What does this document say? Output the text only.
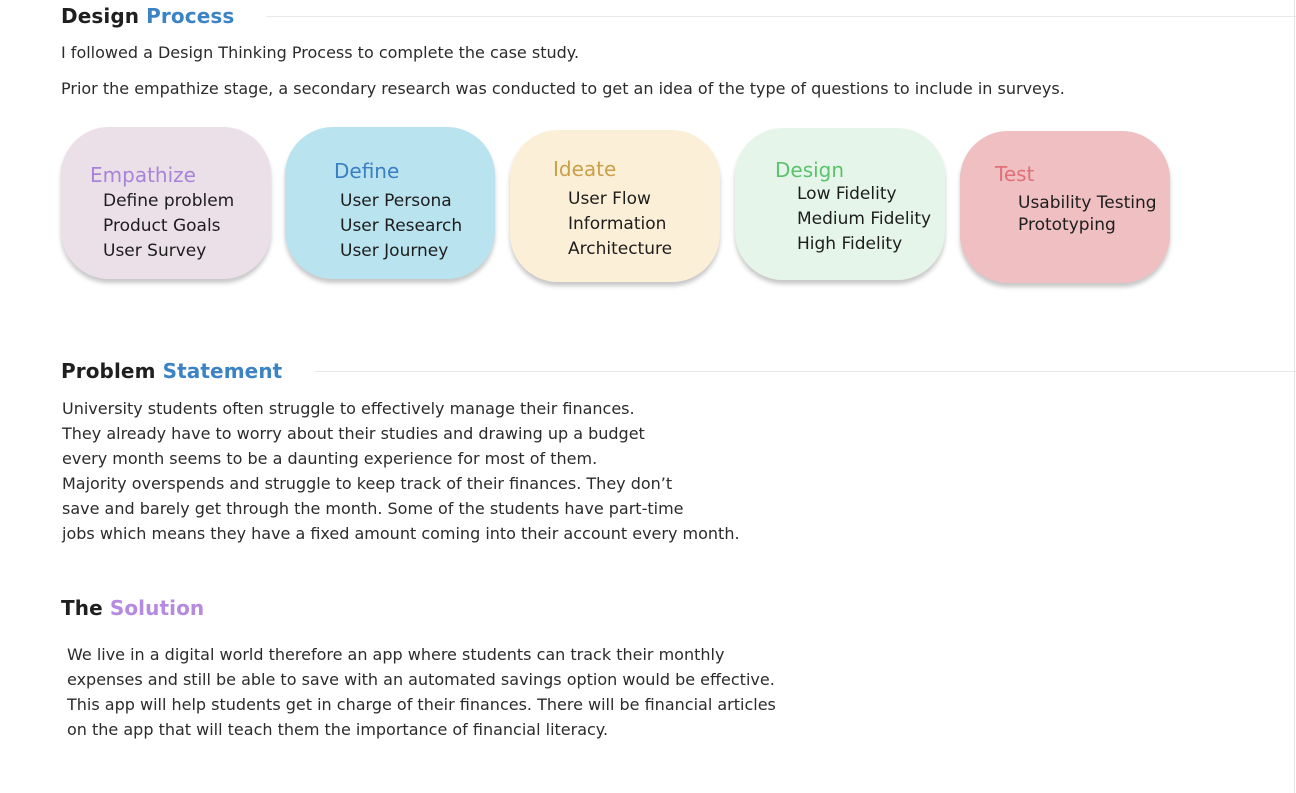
Design Process

I followed a Design Thinking Process to complete the case study.

Prior the empathize stage, a secondary research was conducted to get an idea of the type of questions to include in surveys.

Empathize
Define problem
Product Goals
User Survey
Define
User Persona
User Research
User Journey
Ideate
User Flow
Information
Architecture
Design
Low Fidelity
Medium Fidelity
High Fidelity
Test
Usability Testing
Prototyping
Problem Statement
University students often struggle to effectively manage their finances.
They already have to worry about their studies and drawing up a budget
every month seems to be a daunting experience for most of them.
Majority overspends and struggle to keep track of their finances. They don’t
save and barely get through the month. Some of the students have part-time
jobs which means they have a fixed amount coming into their account every month.
The Solution
We live in a digital world therefore an app where students can track their monthly
expenses and still be able to save with an automated savings option would be effective.
This app will help students get in charge of their finances. There will be financial articles
on the app that will teach them the importance of financial literacy.
